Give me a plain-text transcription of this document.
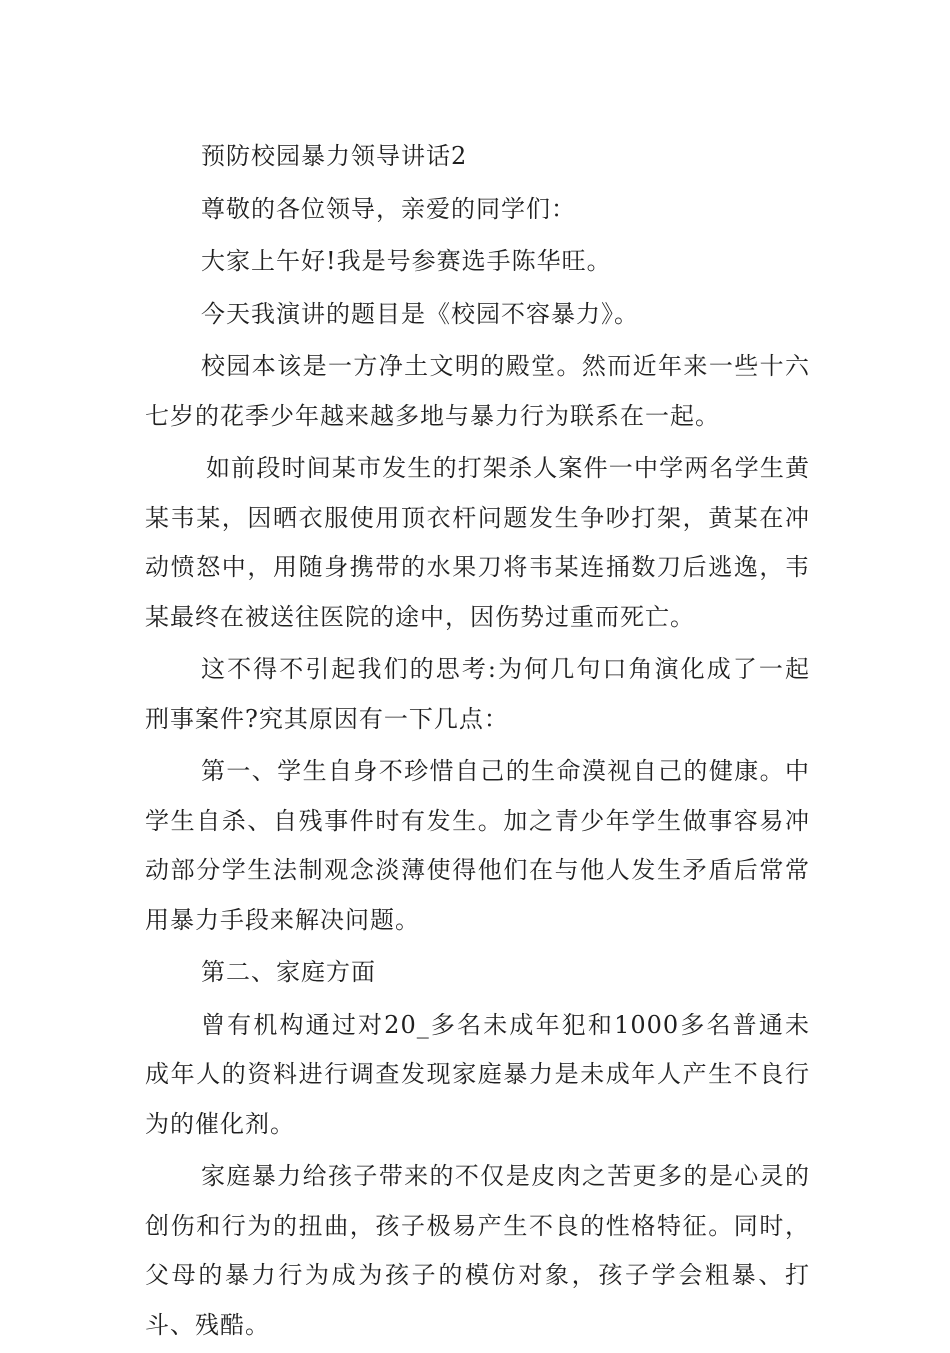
预防校园暴力领导讲话2

尊敬的各位领导，亲爱的同学们：

大家上午好!我是号参赛选手陈华旺。

今天我演讲的题目是《校园不容暴力》。

校园本该是一方净土文明的殿堂。然而近年来一些十六七岁的花季少年越来越多地与暴力行为联系在一起。

如前段时间某市发生的打架杀人案件一中学两名学生黄某韦某，因晒衣服使用顶衣杆问题发生争吵打架，黄某在冲动愤怒中，用随身携带的水果刀将韦某连捅数刀后逃逸，韦某最终在被送往医院的途中，因伤势过重而死亡。

这不得不引起我们的思考:为何几句口角演化成了一起刑事案件?究其原因有一下几点：

第一、学生自身不珍惜自己的生命漠视自己的健康。中学生自杀、自残事件时有发生。加之青少年学生做事容易冲动部分学生法制观念淡薄使得他们在与他人发生矛盾后常常用暴力手段来解决问题。

第二、家庭方面

曾有机构通过对20_多名未成年犯和1000多名普通未成年人的资料进行调查发现家庭暴力是未成年人产生不良行为的催化剂。

家庭暴力给孩子带来的不仅是皮肉之苦更多的是心灵的创伤和行为的扭曲，孩子极易产生不良的性格特征。同时，父母的暴力行为成为孩子的模仿对象，孩子学会粗暴、打斗、残酷。
